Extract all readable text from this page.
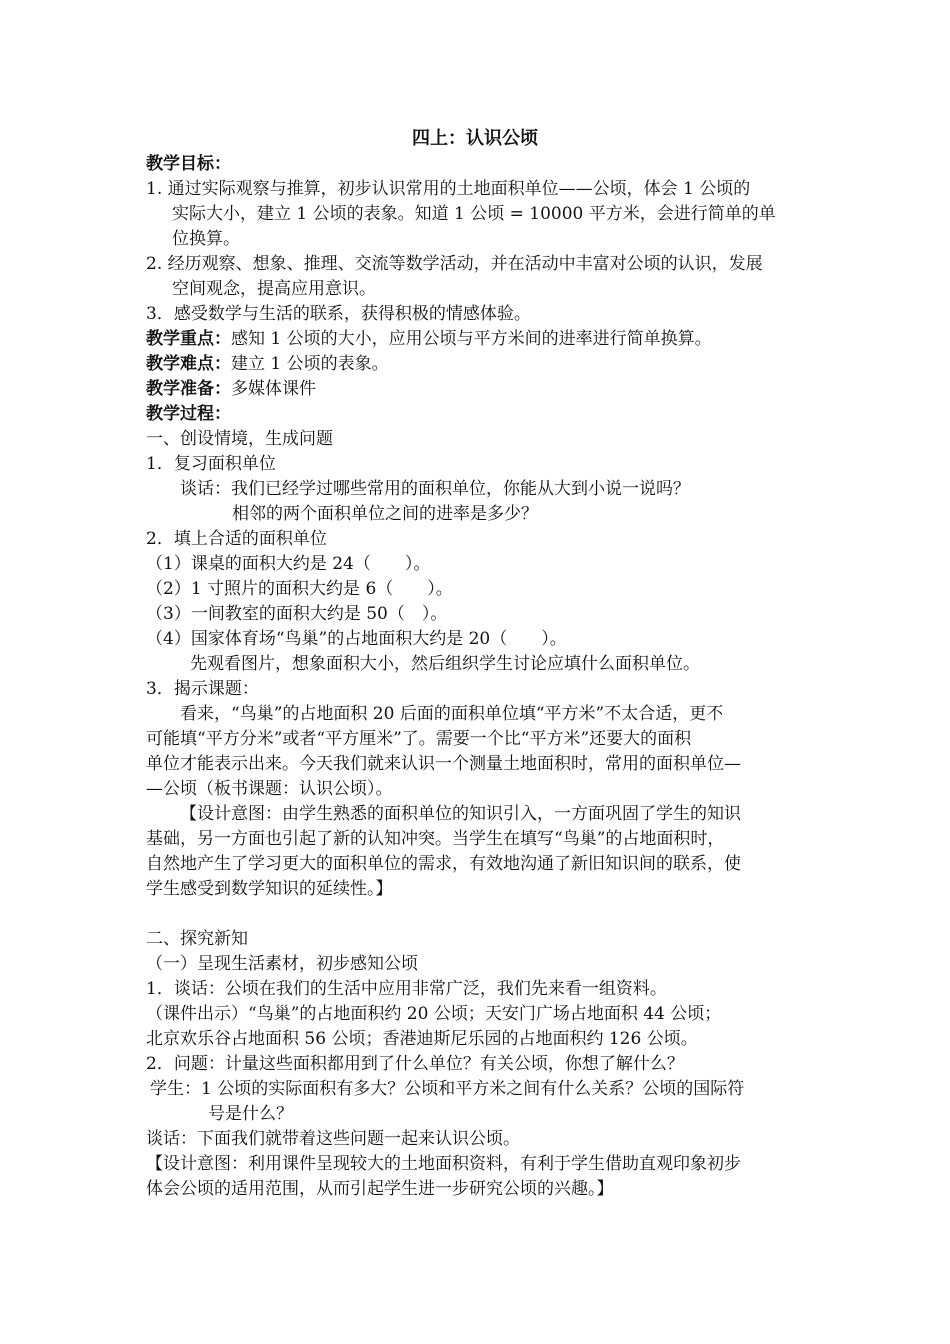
四上：认识公顷
教学目标：
1. 通过实际观察与推算，初步认识常用的土地面积单位——公顷，体会 1 公顷的
实际大小，建立 1 公顷的表象。知道 1 公顷 = 10000 平方米，会进行简单的单
位换算。
2. 经历观察、想象、推理、交流等数学活动，并在活动中丰富对公顷的认识，发展
空间观念，提高应用意识。
3．感受数学与生活的联系，获得积极的情感体验。
教学重点：感知 1 公顷的大小，应用公顷与平方米间的进率进行简单换算。
教学难点：建立 1 公顷的表象。
教学准备：多媒体课件
教学过程：
一、创设情境，生成问题
1．复习面积单位
谈话：我们已经学过哪些常用的面积单位，你能从大到小说一说吗？
相邻的两个面积单位之间的进率是多少？
2．填上合适的面积单位
（1）课桌的面积大约是 24（　　）。
（2）1 寸照片的面积大约是 6（　　）。
（3）一间教室的面积大约是 50（　）。
（4）国家体育场“鸟巢”的占地面积大约是 20（　　）。
先观看图片，想象面积大小，然后组织学生讨论应填什么面积单位。
3．揭示课题：
看来，“鸟巢”的占地面积 20 后面的面积单位填“平方米”不太合适，更不
可能填“平方分米”或者“平方厘米”了。需要一个比“平方米”还要大的面积
单位才能表示出来。今天我们就来认识一个测量土地面积时，常用的面积单位—
—公顷（板书课题：认识公顷）。
【设计意图：由学生熟悉的面积单位的知识引入，一方面巩固了学生的知识
基础，另一方面也引起了新的认知冲突。当学生在填写“鸟巢”的占地面积时，
自然地产生了学习更大的面积单位的需求，有效地沟通了新旧知识间的联系，使
学生感受到数学知识的延续性。】
二、探究新知
（一）呈现生活素材，初步感知公顷
1．谈话：公顷在我们的生活中应用非常广泛，我们先来看一组资料。
（课件出示）“鸟巢”的占地面积约 20 公顷；天安门广场占地面积 44 公顷；
北京欢乐谷占地面积 56 公顷；香港迪斯尼乐园的占地面积约 126 公顷。
2．问题：计量这些面积都用到了什么单位？有关公顷，你想了解什么？
学生：1 公顷的实际面积有多大？公顷和平方米之间有什么关系？公顷的国际符
号是什么？
谈话：下面我们就带着这些问题一起来认识公顷。
【设计意图：利用课件呈现较大的土地面积资料，有利于学生借助直观印象初步
体会公顷的适用范围，从而引起学生进一步研究公顷的兴趣。】
